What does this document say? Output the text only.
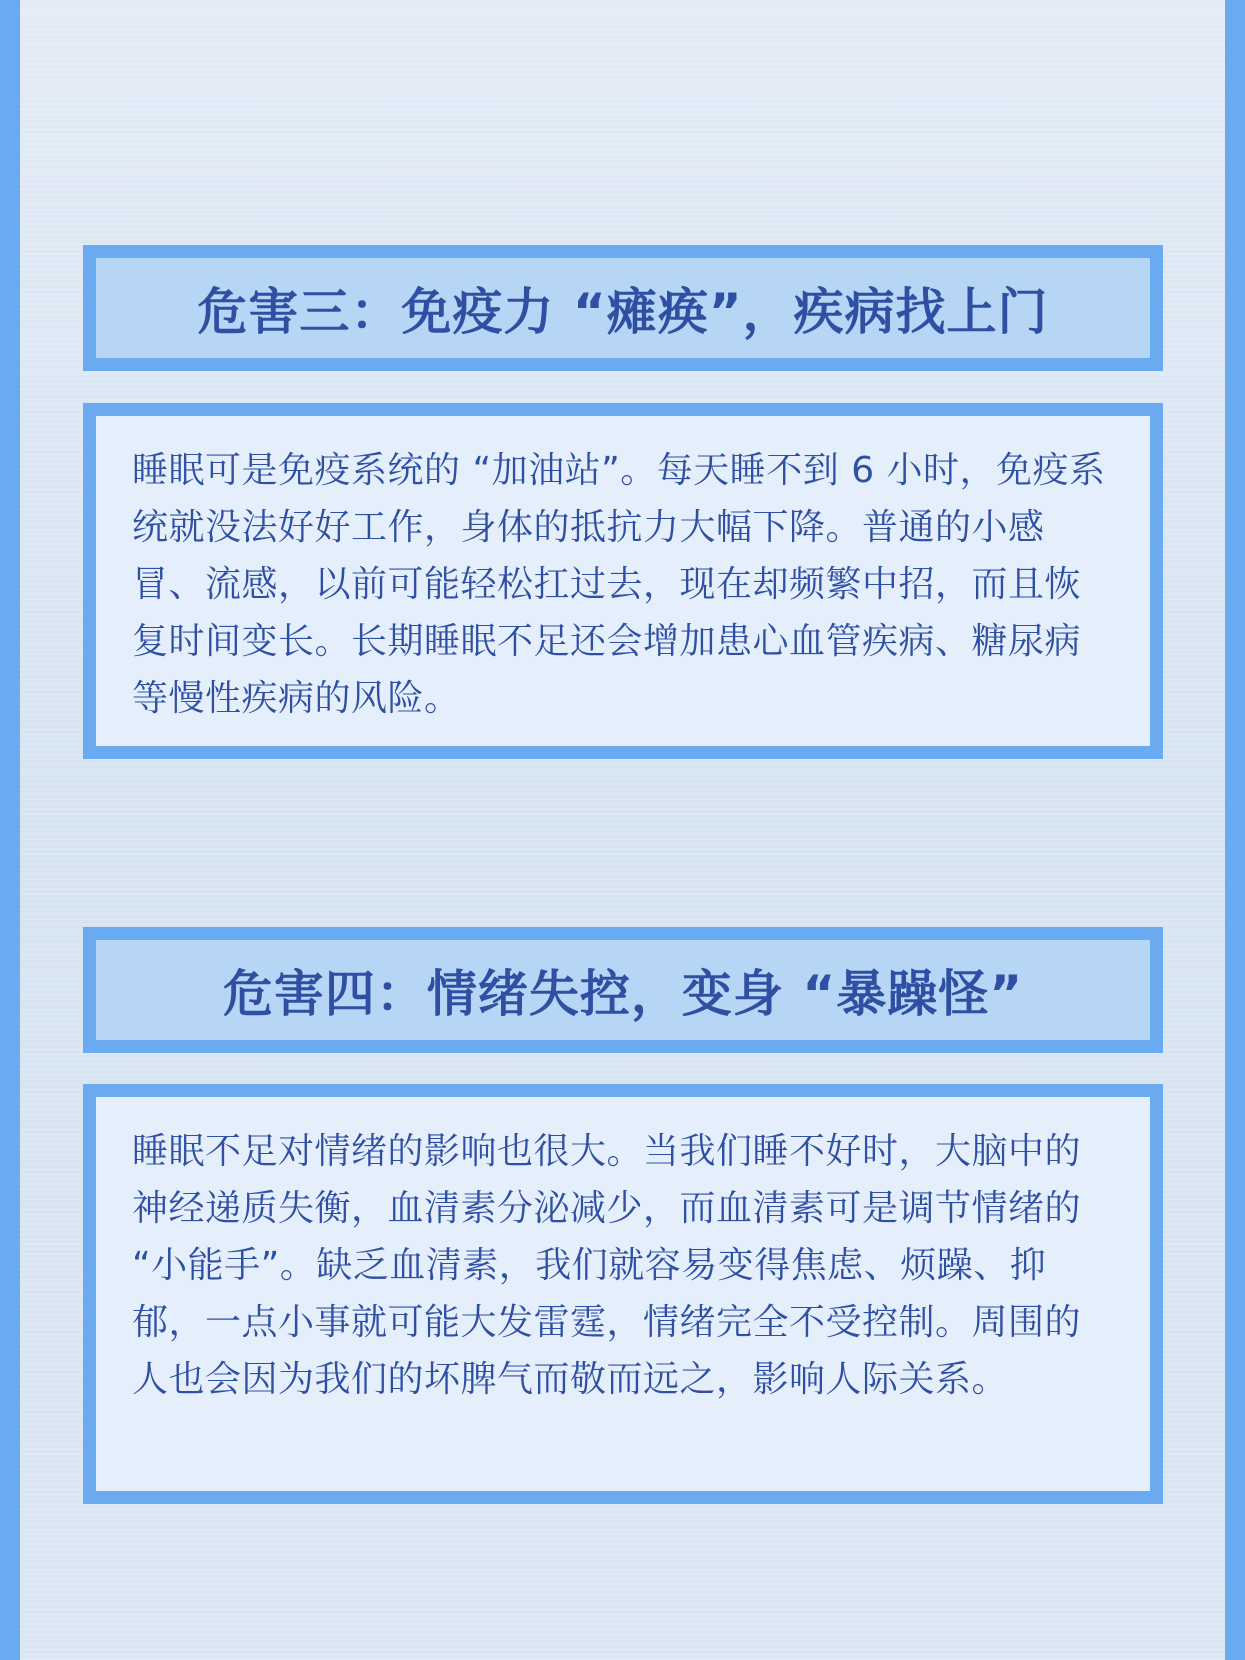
危害三：免疫力 “瘫痪”，疾病找上门

睡眠可是免疫系统的 “加油站”。每天睡不到 6 小时，免疫系统就没法好好工作，身体的抵抗力大幅下降。普通的小感冒、流感，以前可能轻松扛过去，现在却频繁中招，而且恢复时间变长。长期睡眠不足还会增加患心血管疾病、糖尿病等慢性疾病的风险。

危害四：情绪失控，变身 “暴躁怪”

睡眠不足对情绪的影响也很大。当我们睡不好时，大脑中的神经递质失衡，血清素分泌减少，而血清素可是调节情绪的 “小能手”。缺乏血清素，我们就容易变得焦虑、烦躁、抑郁，一点小事就可能大发雷霆，情绪完全不受控制。周围的人也会因为我们的坏脾气而敬而远之，影响人际关系。
